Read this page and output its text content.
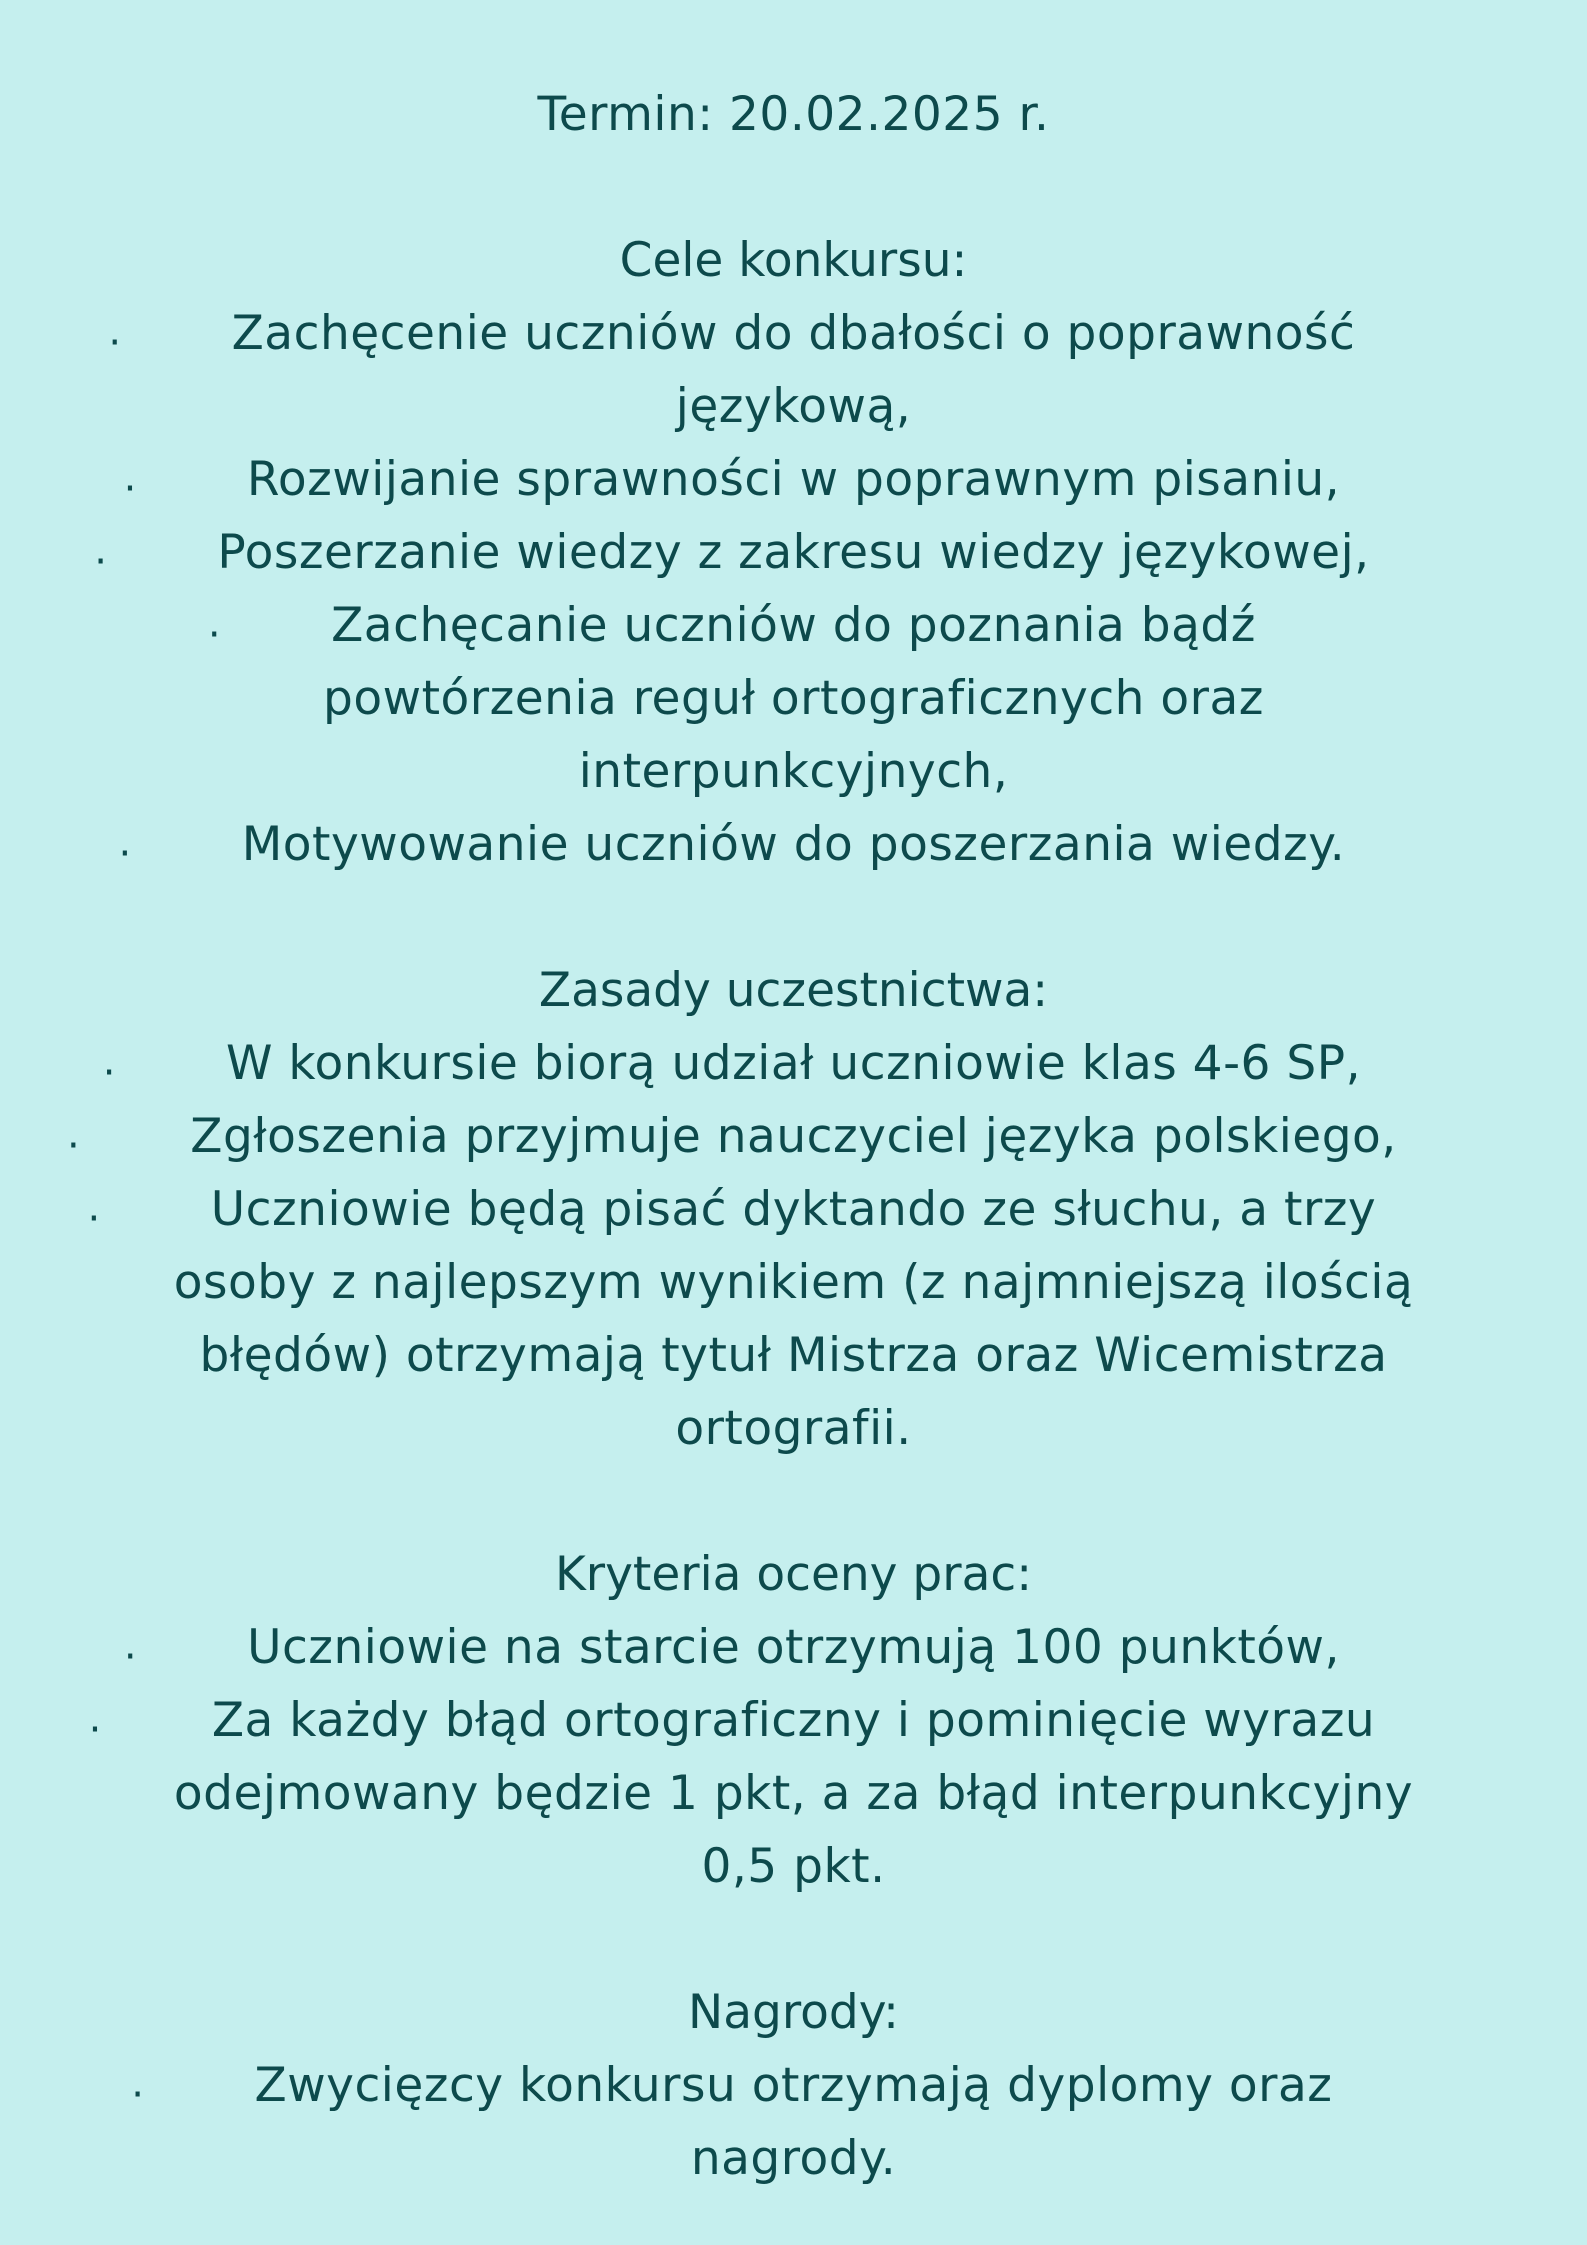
Termin: 20.02.2025 r.
Cele konkursu:
· Zachęcenie uczniów do dbałości o poprawność
językową,
· Rozwijanie sprawności w poprawnym pisaniu,
· Poszerzanie wiedzy z zakresu wiedzy językowej,
· Zachęcanie uczniów do poznania bądź
powtórzenia reguł ortograficznych oraz
interpunkcyjnych,
· Motywowanie uczniów do poszerzania wiedzy.
Zasady uczestnictwa:
· W konkursie biorą udział uczniowie klas 4-6 SP,
· Zgłoszenia przyjmuje nauczyciel języka polskiego,
· Uczniowie będą pisać dyktando ze słuchu, a trzy
osoby z najlepszym wynikiem (z najmniejszą ilością
błędów) otrzymają tytuł Mistrza oraz Wicemistrza
ortografii.
Kryteria oceny prac:
· Uczniowie na starcie otrzymują 100 punktów,
· Za każdy błąd ortograficzny i pominięcie wyrazu
odejmowany będzie 1 pkt, a za błąd interpunkcyjny
0,5 pkt.
Nagrody:
· Zwycięzcy konkursu otrzymają dyplomy oraz
nagrody.
